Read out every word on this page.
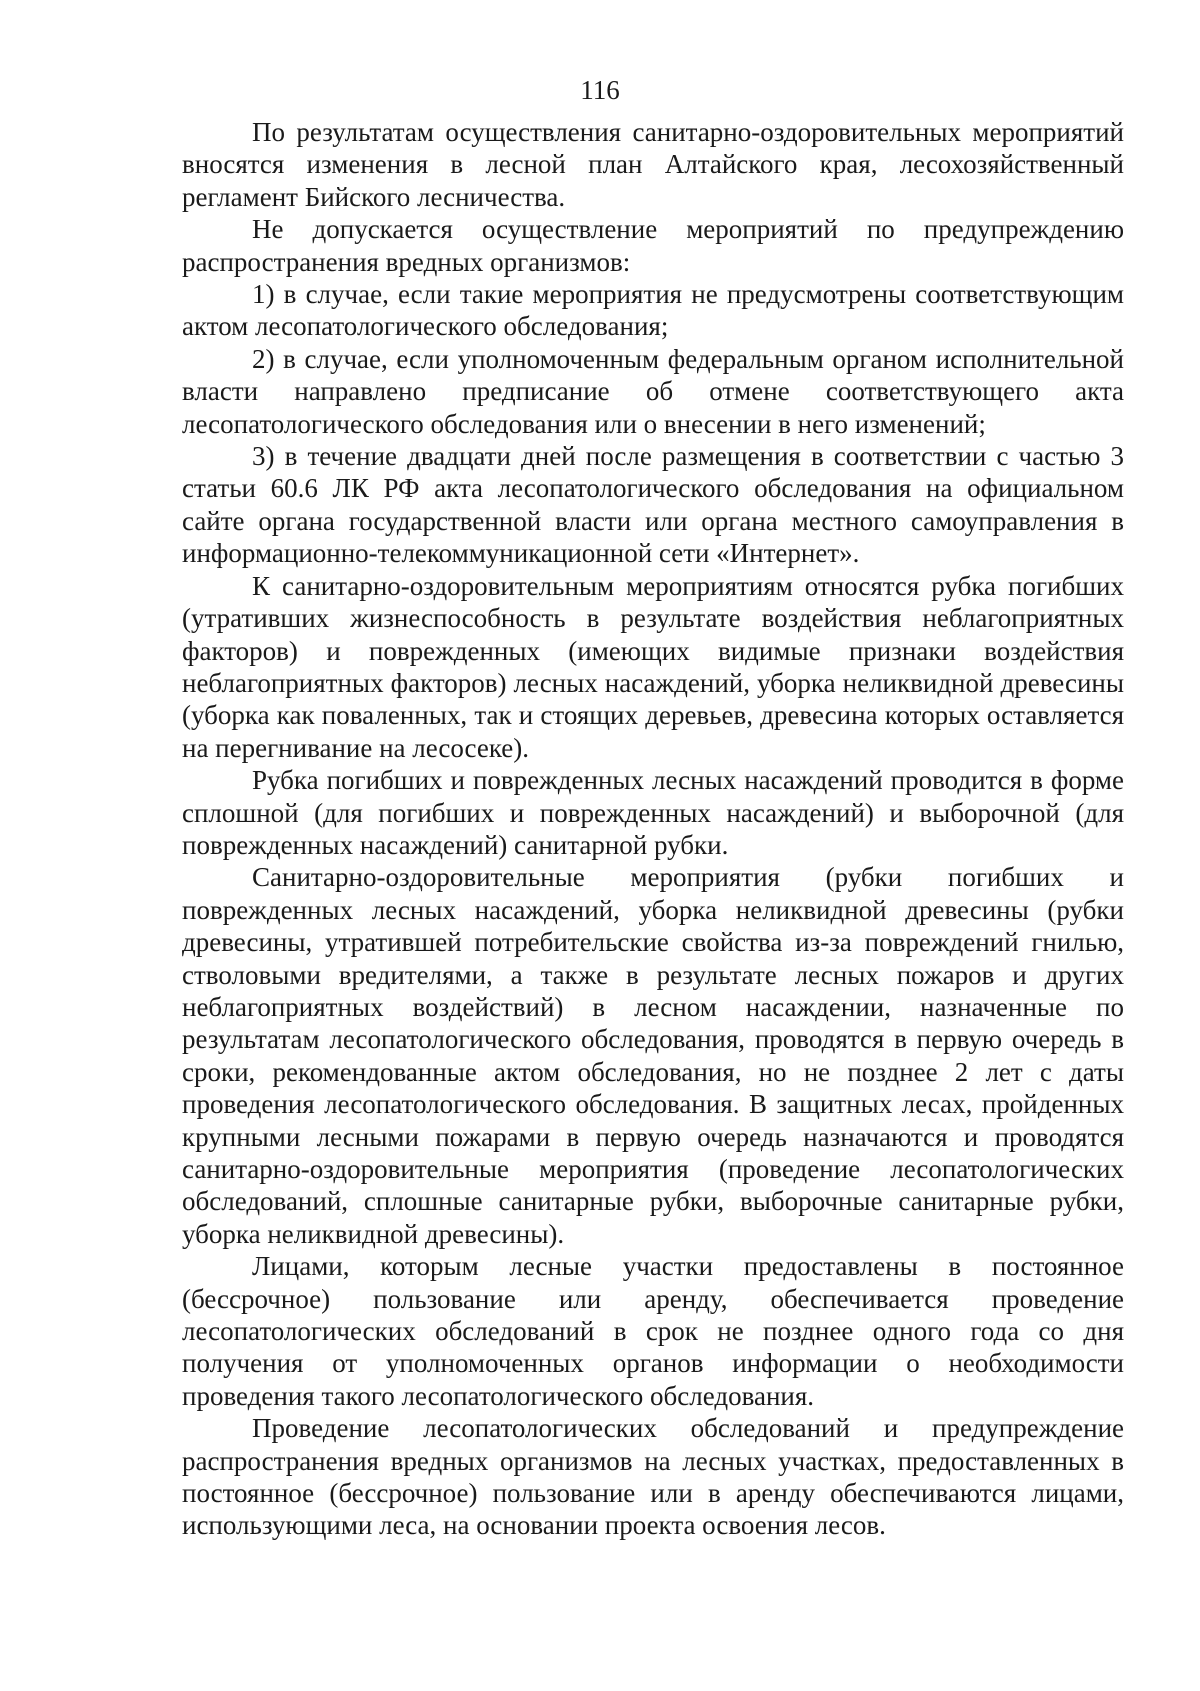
116

По результатам осуществления санитарно-оздоровительных мероприятий вносятся изменения в лесной план Алтайского края, лесохозяйственный регламент Бийского лесничества.

Не допускается осуществление мероприятий по предупреждению распространения вредных организмов:

1) в случае, если такие мероприятия не предусмотрены соответствующим актом лесопатологического обследования;

2) в случае, если уполномоченным федеральным органом исполнительной власти направлено предписание об отмене соответствующего акта лесопатологического обследования или о внесении в него изменений;

3) в течение двадцати дней после размещения в соответствии с частью 3 статьи 60.6 ЛК РФ акта лесопатологического обследования на официальном сайте органа государственной власти или органа местного самоуправления в информационно-телекоммуникационной сети «Интернет».

К санитарно-оздоровительным мероприятиям относятся рубка погибших (утративших жизнеспособность в результате воздействия неблагоприятных факторов) и поврежденных (имеющих видимые признаки воздействия неблагоприятных факторов) лесных насаждений, уборка неликвидной древесины (уборка как поваленных, так и стоящих деревьев, древесина которых оставляется на перегнивание на лесосеке).

Рубка погибших и поврежденных лесных насаждений проводится в форме сплошной (для погибших и поврежденных насаждений) и выборочной (для поврежденных насаждений) санитарной рубки.

Санитарно-оздоровительные мероприятия (рубки погибших и поврежденных лесных насаждений, уборка неликвидной древесины (рубки древесины, утратившей потребительские свойства из-за повреждений гнилью, стволовыми вредителями, а также в результате лесных пожаров и других неблагоприятных воздействий) в лесном насаждении, назначенные по результатам лесопатологического обследования, проводятся в первую очередь в сроки, рекомендованные актом обследования, но не позднее 2 лет с даты проведения лесопатологического обследования. В защитных лесах, пройденных крупными лесными пожарами в первую очередь назначаются и проводятся санитарно-оздоровительные мероприятия (проведение лесопатологических обследований, сплошные санитарные рубки, выборочные санитарные рубки, уборка неликвидной древесины).

Лицами, которым лесные участки предоставлены в постоянное (бессрочное) пользование или аренду, обеспечивается проведение лесопатологических обследований в срок не позднее одного года со дня получения от уполномоченных органов информации о необходимости проведения такого лесопатологического обследования.

Проведение лесопатологических обследований и предупреждение распространения вредных организмов на лесных участках, предоставленных в постоянное (бессрочное) пользование или в аренду обеспечиваются лицами, использующими леса, на основании проекта освоения лесов.
